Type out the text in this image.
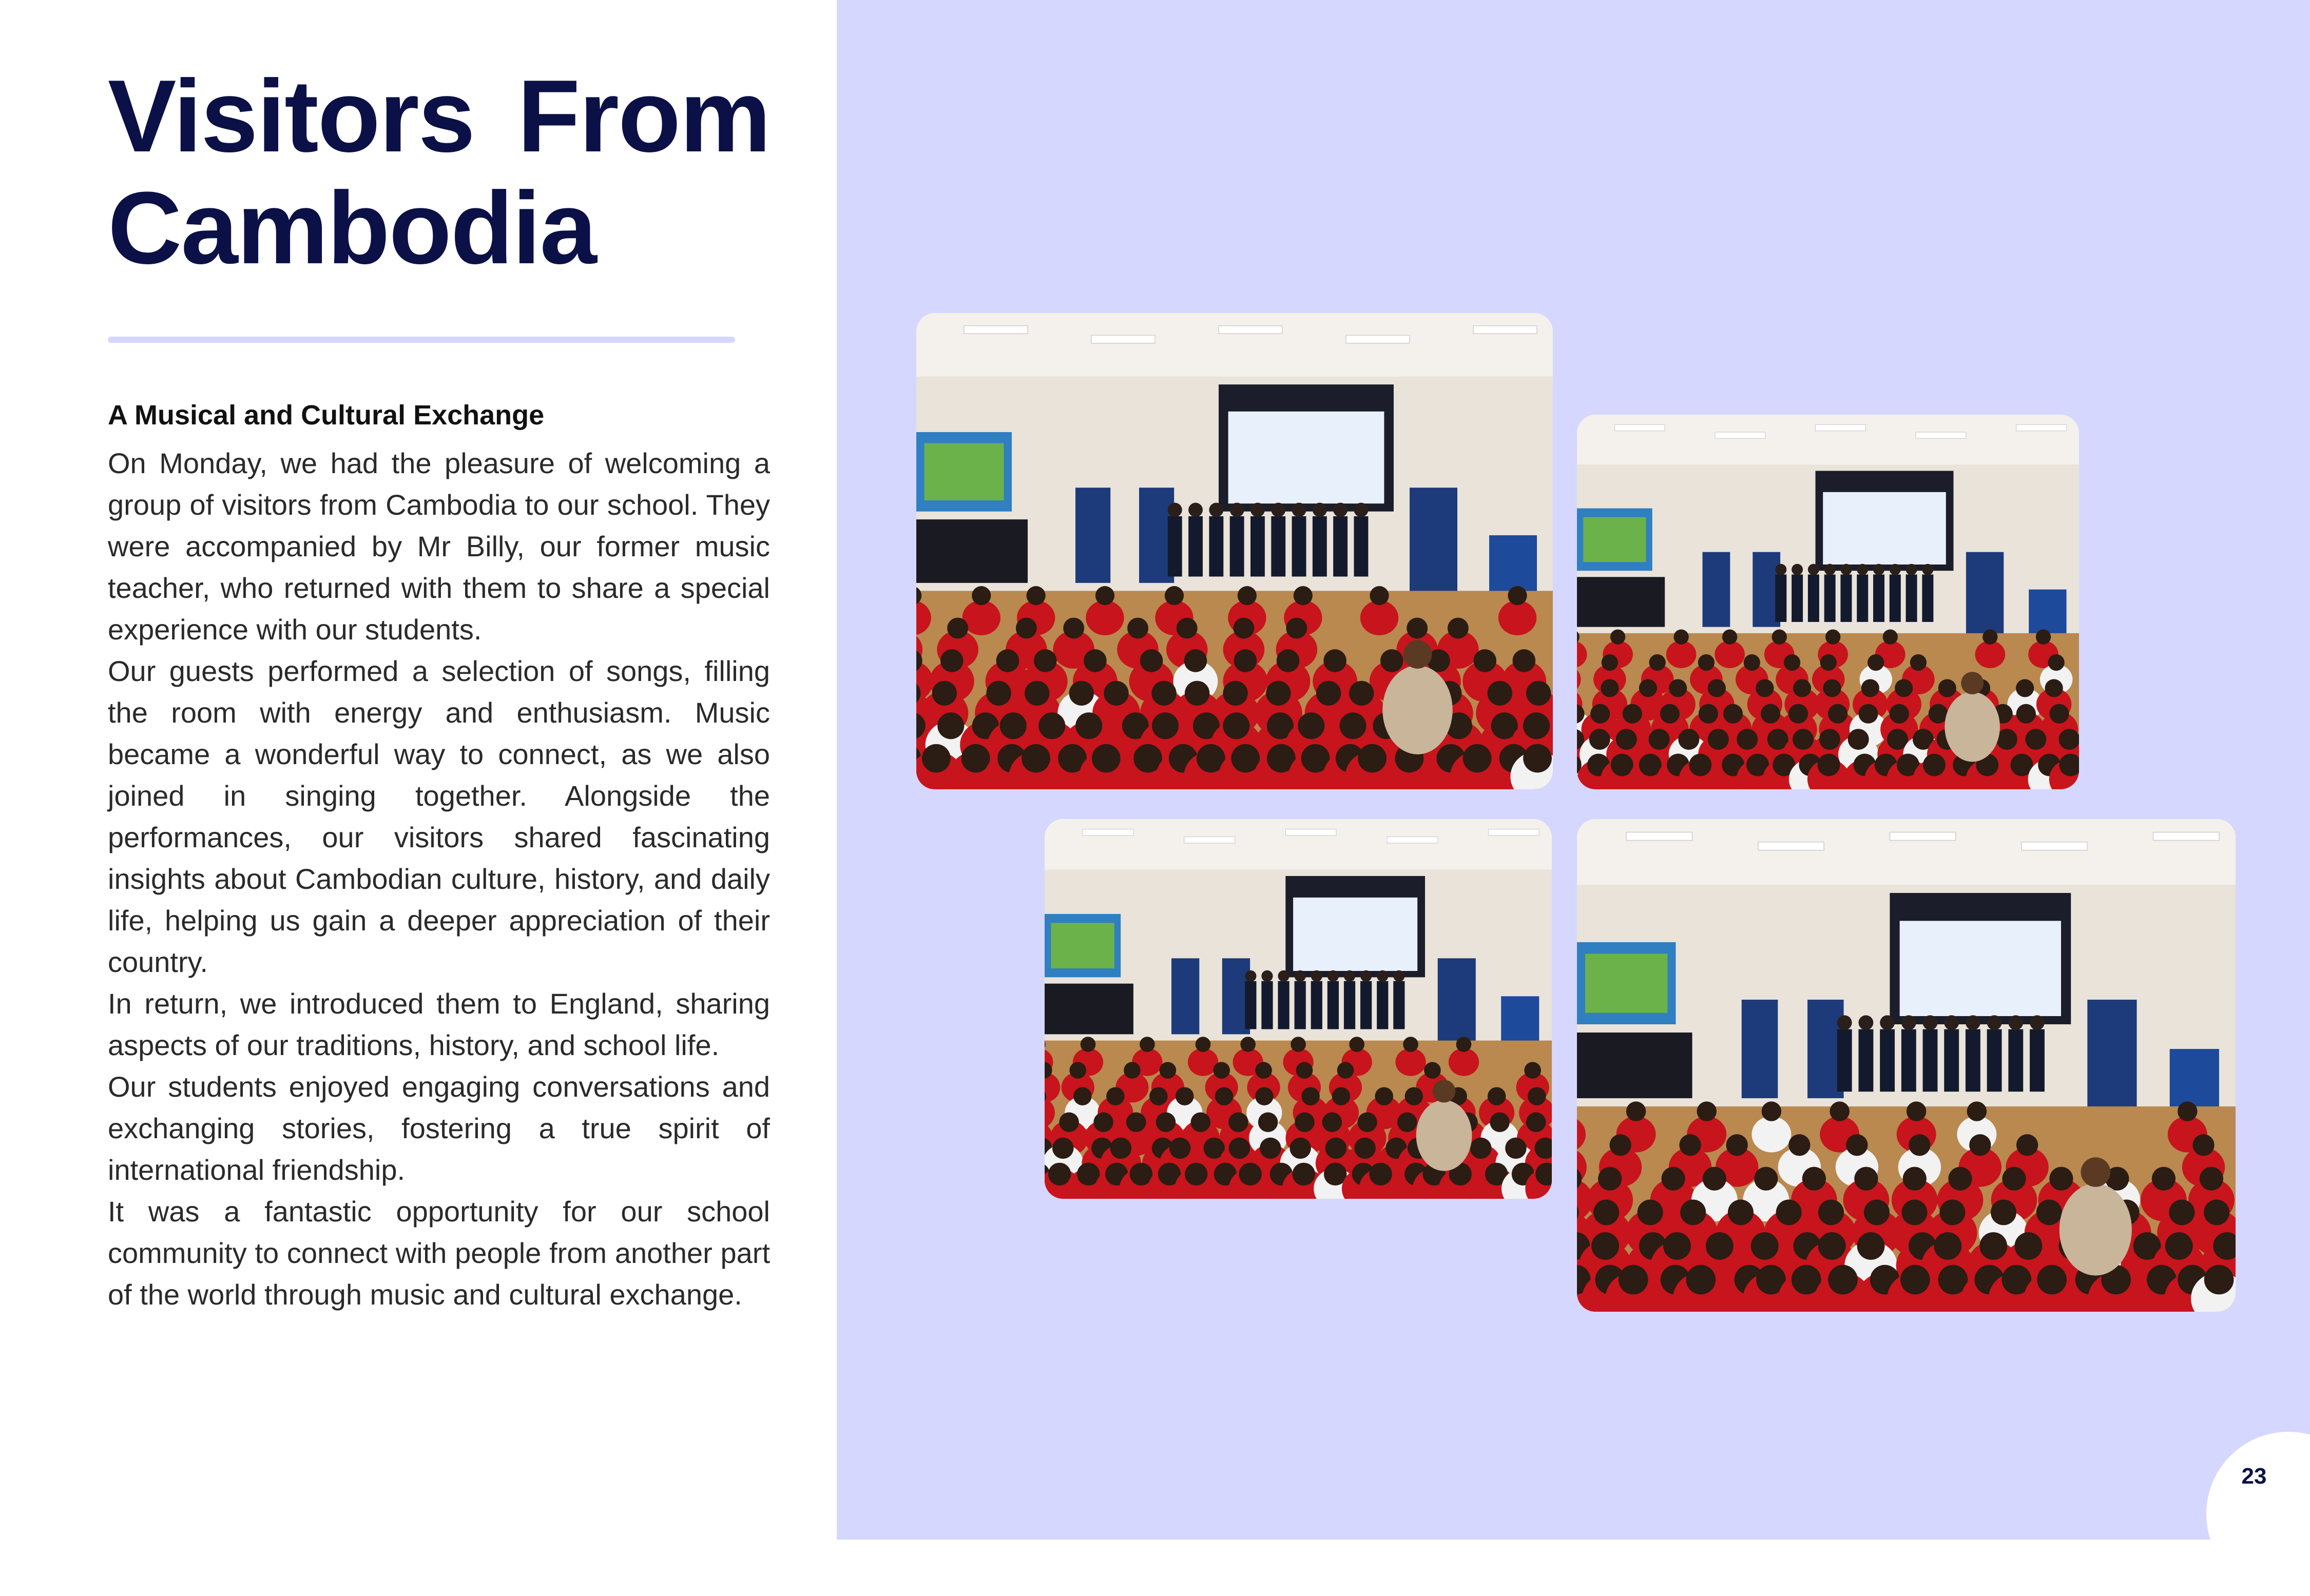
Visitors From Cambodia
A Musical and Cultural Exchange

On Monday, we had the pleasure of welcoming a group of visitors from Cambodia to our school. They were accompanied by Mr Billy, our former music teacher, who returned with them to share a special experience with our students.

Our guests performed a selection of songs, filling the room with energy and enthusiasm. Music became a wonderful way to connect, as we also joined in singing together. Alongside the performances, our visitors shared fascinating insights about Cambodian culture, history, and daily life, helping us gain a deeper appreciation of their country.

In return, we introduced them to England, sharing aspects of our traditions, history, and school life.

Our students enjoyed engaging conversations and exchanging stories, fostering a true spirit of international friendship.

It was a fantastic opportunity for our school community to connect with people from another part of the world through music and cultural exchange.

23
